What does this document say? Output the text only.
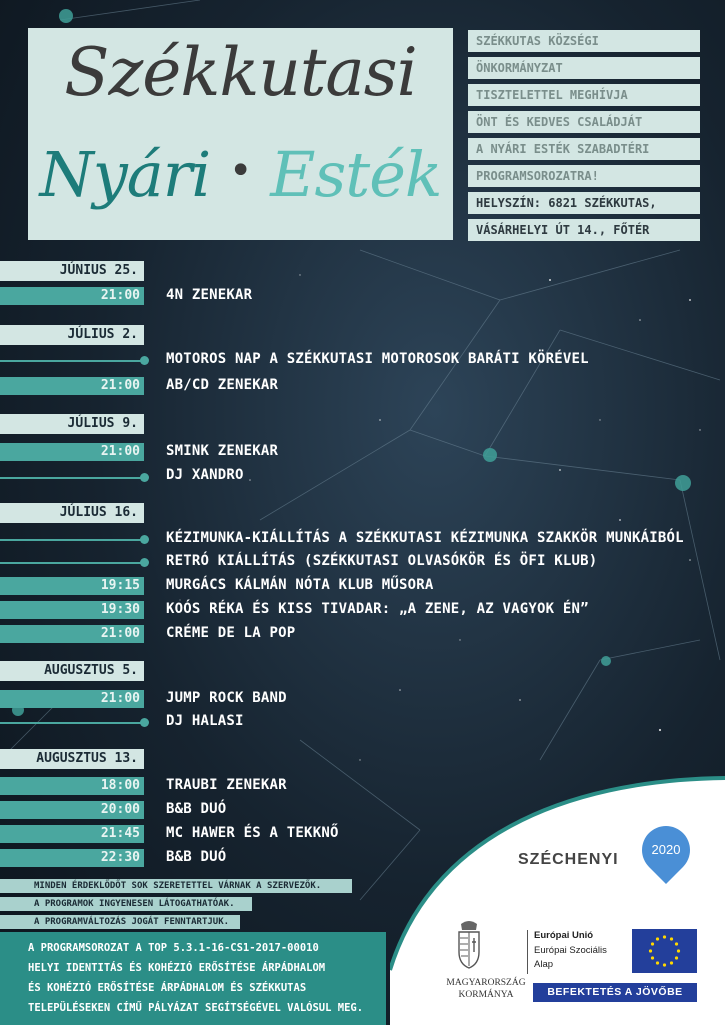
Székkutasi
Nyári • Esték
SZÉKKUTAS KÖZSÉGI
ÖNKORMÁNYZAT
TISZTELETTEL MEGHÍVJA
ÖNT ÉS KEDVES CSALÁDJÁT
A NYÁRI ESTÉK SZABADTÉRI
PROGRAMSOROZATRA!
HELYSZÍN: 6821 SZÉKKUTAS,
VÁSÁRHELYI ÚT 14., FŐTÉR
JÚNIUS 25.
21:00 4N ZENEKAR
JÚLIUS 2.
MOTOROS NAP A SZÉKKUTASI MOTOROSOK BARÁTI KÖRÉVEL
21:00 AB/CD ZENEKAR
JÚLIUS 9.
21:00 SMINK ZENEKAR
DJ XANDRO
JÚLIUS 16.
KÉZIMUNKA-KIÁLLÍTÁS A SZÉKKUTASI KÉZIMUNKA SZAKKÖR MUNKÁIBÓL
RETRÓ KIÁLLÍTÁS (SZÉKKUTASI OLVASÓKÖR ÉS ÖFI KLUB)
19:15 MURGÁCS KÁLMÁN NÓTA KLUB MŰSORA
19:30 KOÓS RÉKA ÉS KISS TIVADAR: „A ZENE, AZ VAGYOK ÉN”
21:00 CRÉME DE LA POP
AUGUSZTUS 5.
21:00 JUMP ROCK BAND
DJ HALASI
AUGUSZTUS 13.
18:00 TRAUBI ZENEKAR
20:00 B&B DUÓ
21:45 MC HAWER ÉS A TEKKNŐ
22:30 B&B DUÓ
MINDEN ÉRDEKLŐDŐT SOK SZERETETTEL VÁRNAK A SZERVEZŐK.
A PROGRAMOK INGYENESEN LÁTOGATHATÓAK.
A PROGRAMVÁLTOZÁS JOGÁT FENNTARTJUK.
A PROGRAMSOROZAT A TOP 5.3.1-16-CS1-2017-00010
HELYI IDENTITÁS ÉS KOHÉZIÓ ERŐSÍTÉSE ÁRPÁDHALOM
ÉS KOHÉZIÓ ERŐSÍTÉSE ÁRPÁDHALOM ÉS SZÉKKUTAS
TELEPÜLÉSEKEN CÍMŰ PÁLYÁZAT SEGÍTSÉGÉVEL VALÓSUL MEG.
SZÉCHENYI
2020
MAGYARORSZÁG
KORMÁNYA
Európai Unió
Európai Szociális
Alap
BEFEKTETÉS A JÖVŐBE
